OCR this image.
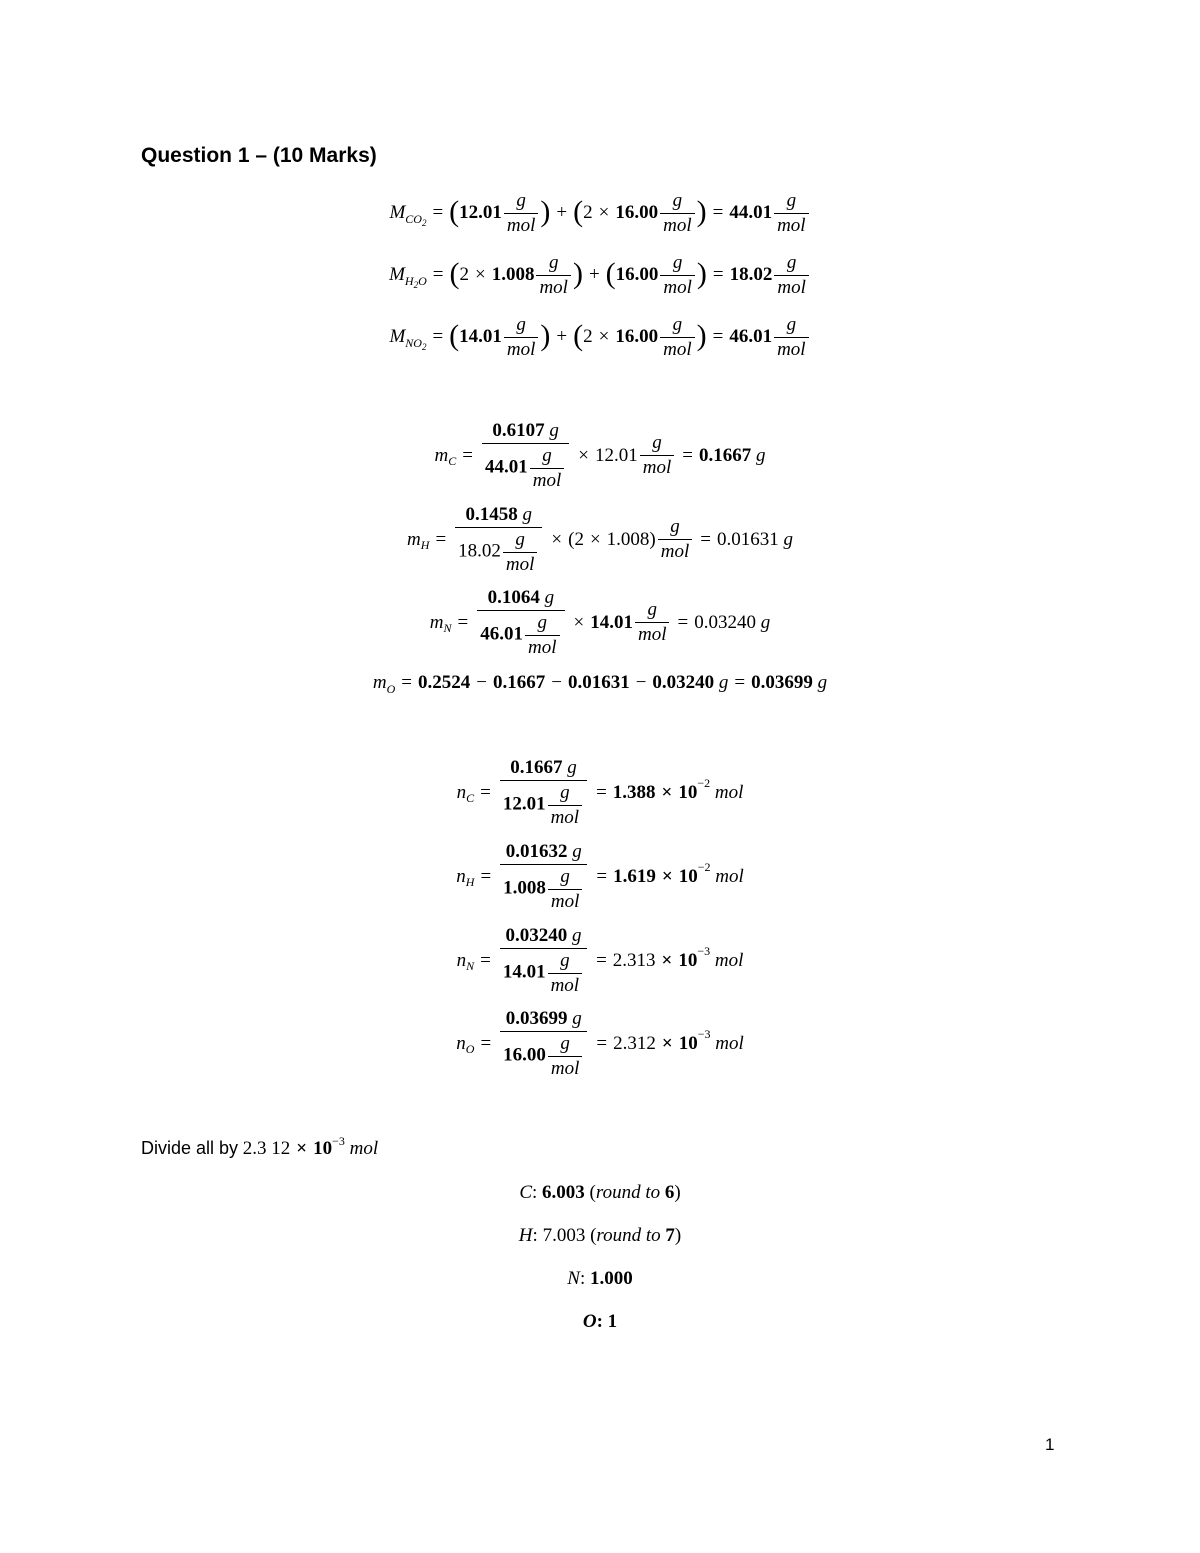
Question 1 – (10 Marks)
M $CO_2$ = ( $12.01 \frac{g}{\text{mol}}$ ) + ( $2 \times 16.00 \frac{g}{\text{mol}}$ ) = $44.01 \frac{g}{\text{mol}}$
M $H_2O$ = ( $2 \times 1.008 \frac{g}{\text{mol}}$ ) + ( $16.00 \frac{g}{\text{mol}}$ ) = $18.02 \frac{g}{\text{mol}}$
M $NO_2$ = ( $14.01 \frac{g}{\text{mol}}$ ) + ( $2 \times 16.00 \frac{g}{\text{mol}}$ ) = $46.01 \frac{g}{\text{mol}}$
m $C = \frac{0.6107 g}{44.01 \frac{g}{\text{mol}}} \times 12.01 \frac{g}{\text{mol}} = 0.1667$
g
m $H = \frac{0.1458 g}{18.02 \frac{g}{\text{mol}}}$ × ( 2 × 1.008 ) $\frac{g}{\text{mol}} = 0.01631$
g
m $N = \frac{0.1064 g}{46.01 \frac{g}{\text{mol}}} \times 14.01 \frac{g}{\text{mol}} = 0.03240$
g
m O = 0.2524 − 0.1667 − 0.01631 − 0.03240
g = 0.03699
g
n $C = \frac{0.1667 g}{12.01 \frac{g}{\text{mol}}} = 1.388 \times 10 -2$
mol
n $H = \frac{0.01632 g}{1.008 \frac{g}{\text{mol}}} = 1.619 \times 10 -2$
mol
n $N = \frac{0.03240 g}{14.01 \frac{g}{\text{mol}}} = 2.313 \times 10 -3$
mol
n $O = \frac{0.03699 g}{16.00 \frac{g}{\text{mol}}} = 2.312 \times 10 -3$
mol
Divide all by 2.3 $12 \times 10^{-3}$ mol
C : 6.003
( round to
6 )
H : 7.003
( round to
7 )
N : 1.000
O : 1
1
